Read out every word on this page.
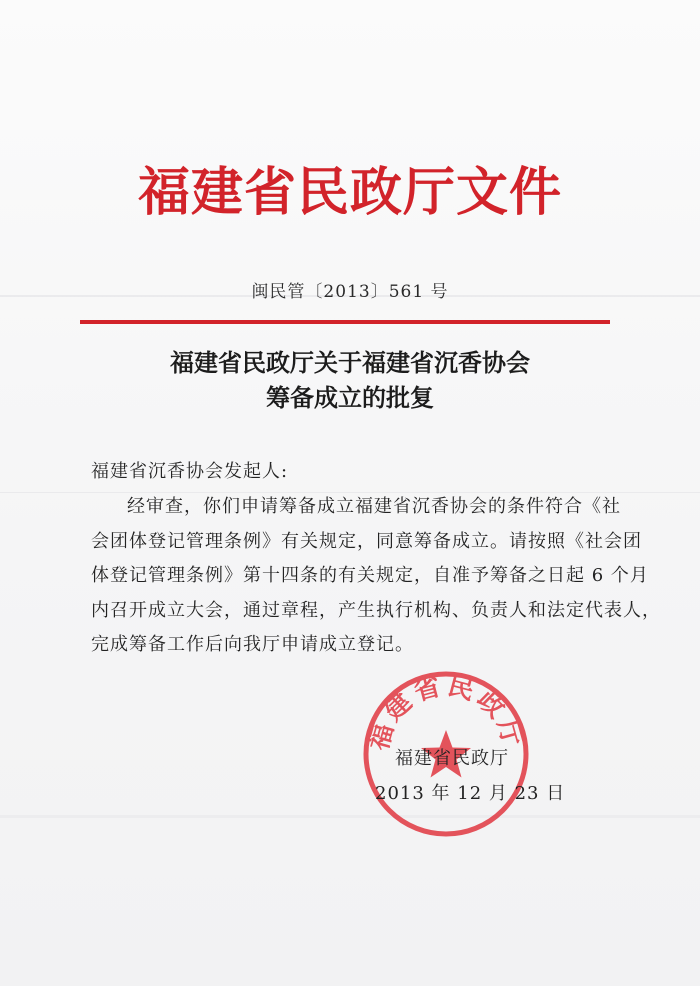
福建省民政厅文件
闽民管〔2013〕561 号
福建省民政厅关于福建省沉香协会
筹备成立的批复
福建省沉香协会发起人:
经审查，你们申请筹备成立福建省沉香协会的条件符合《社
会团体登记管理条例》有关规定，同意筹备成立。请按照《社会团
体登记管理条例》第十四条的有关规定，自准予筹备之日起 6 个月
内召开成立大会，通过章程，产生执行机构、负责人和法定代表人，
完成筹备工作后向我厅申请成立登记。
福建省民政厅
福建省民政厅
2013 年 12 月 23 日
